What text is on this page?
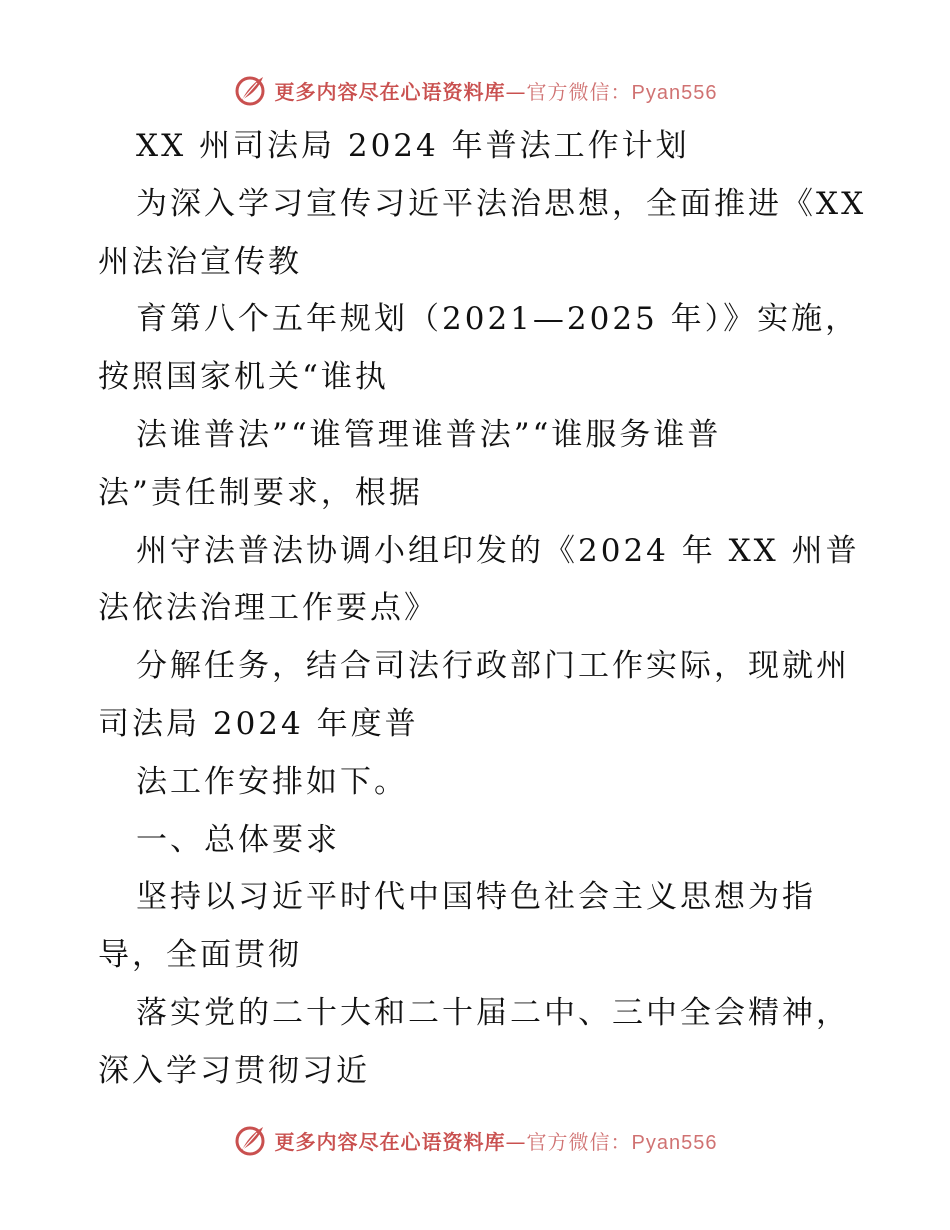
更多内容尽在心语资料库—官方微信：Pyan556
XX 州司法局 2024 年普法工作计划
为深入学习宣传习近平法治思想，全面推进《XX
州法治宣传教
育第八个五年规划（2021—2025 年）》实施，
按照国家机关“谁执
法谁普法”“谁管理谁普法”“谁服务谁普
法”责任制要求，根据
州守法普法协调小组印发的《2024 年 XX 州普
法依法治理工作要点》
分解任务，结合司法行政部门工作实际，现就州
司法局 2024 年度普
法工作安排如下。
一、总体要求
坚持以习近平时代中国特色社会主义思想为指
导，全面贯彻
落实党的二十大和二十届二中、三中全会精神，
深入学习贯彻习近
更多内容尽在心语资料库—官方微信：Pyan556
